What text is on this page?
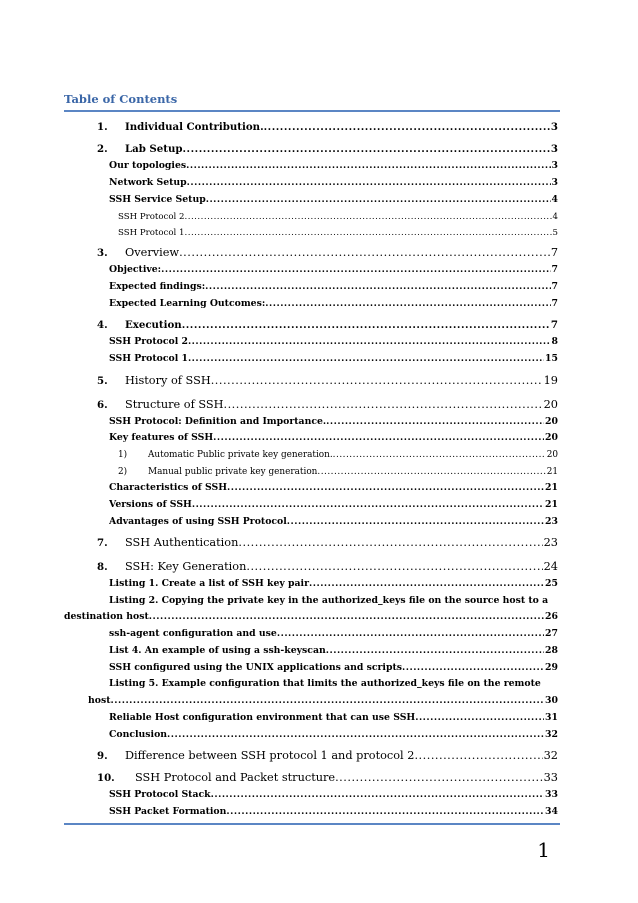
Table of Contents
1.	Individual Contribution. .....	3
2.	Lab Setup .....	3
Our topologies .....	3
Network Setup .....	3
SSH Service Setup .....	4
SSH Protocol 2 .....	4
SSH Protocol 1 .....	5
3.	Overview .....	7
Objective: .....	7
Expected findings: .....	7
Expected Learning Outcomes: .....	7
4.	Execution .....	7
SSH Protocol 2 .....	8
SSH Protocol 1 .....	15
5.	History of SSH .....	19
6.	Structure of SSH .....	20
SSH Protocol: Definition and Importance. .....	20
Key features of SSH .....	20
1)	Automatic Public private key generation. .....	20
2)	Manual public private key generation .....	21
Characteristics of SSH .....	21
Versions of SSH .....	21
Advantages of using SSH Protocol .....	23
7.	SSH Authentication .....	23
8.	SSH: Key Generation .....	24
Listing 1. Create a list of SSH key pair .....	25
Listing 2. Copying the private key in the authorized_keys file on the source host to a
destination host .....	26
ssh-agent configuration and use .....	27
List 4. An example of using a ssh-keyscan .....	28
SSH configured using the UNIX applications and scripts .....	29
Listing 5. Example configuration that limits the authorized_keys file on the remote
host .....	30
Reliable Host configuration environment that can use SSH .....	31
Conclusion .....	32
9.	Difference between SSH protocol 1 and protocol 2 .....	32
10.	SSH Protocol and Packet structure .....	33
SSH Protocol Stack .....	33
SSH Packet Formation .....	34
1
